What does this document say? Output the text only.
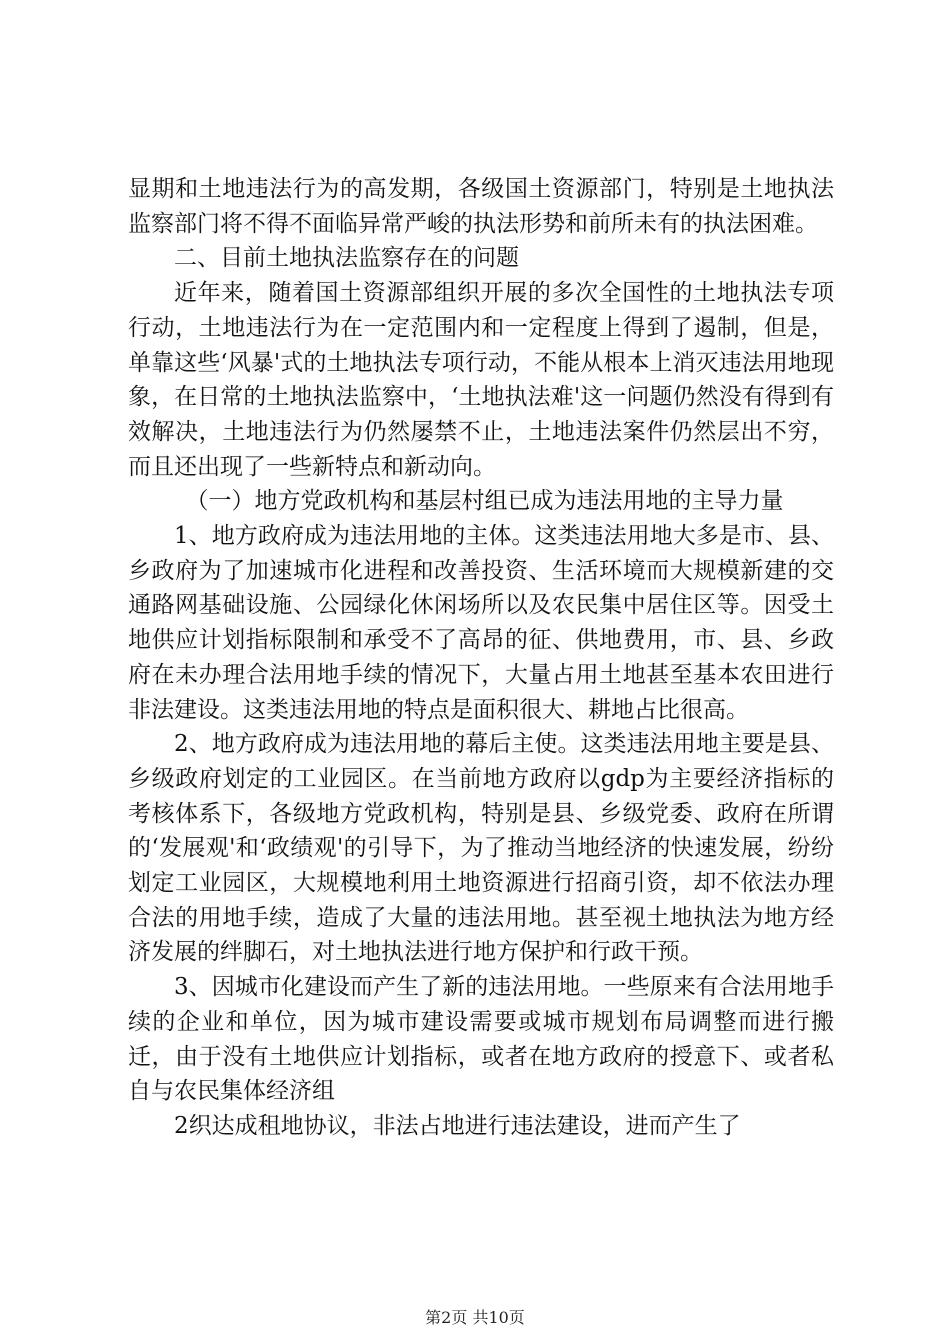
显期和土地违法行为的高发期，各级国土资源部门，特别是土地执法监察部门将不得不面临异常严峻的执法形势和前所未有的执法困难。

二、目前土地执法监察存在的问题

近年来，随着国土资源部组织开展的多次全国性的土地执法专项行动，土地违法行为在一定范围内和一定程度上得到了遏制，但是，单靠这些‘风暴'式的土地执法专项行动，不能从根本上消灭违法用地现象，在日常的土地执法监察中，‘土地执法难'这一问题仍然没有得到有效解决，土地违法行为仍然屡禁不止，土地违法案件仍然层出不穷，而且还出现了一些新特点和新动向。

（一）地方党政机构和基层村组已成为违法用地的主导力量

1、地方政府成为违法用地的主体。这类违法用地大多是市、县、乡政府为了加速城市化进程和改善投资、生活环境而大规模新建的交通路网基础设施、公园绿化休闲场所以及农民集中居住区等。因受土地供应计划指标限制和承受不了高昂的征、供地费用，市、县、乡政府在未办理合法用地手续的情况下，大量占用土地甚至基本农田进行非法建设。这类违法用地的特点是面积很大、耕地占比很高。

2、地方政府成为违法用地的幕后主使。这类违法用地主要是县、乡级政府划定的工业园区。在当前地方政府以gdp为主要经济指标的考核体系下，各级地方党政机构，特别是县、乡级党委、政府在所谓的‘发展观'和‘政绩观'的引导下，为了推动当地经济的快速发展，纷纷划定工业园区，大规模地利用土地资源进行招商引资，却不依法办理合法的用地手续，造成了大量的违法用地。甚至视土地执法为地方经济发展的绊脚石，对土地执法进行地方保护和行政干预。

3、因城市化建设而产生了新的违法用地。一些原来有合法用地手续的企业和单位，因为城市建设需要或城市规划布局调整而进行搬迁，由于没有土地供应计划指标，或者在地方政府的授意下、或者私自与农民集体经济组

2织达成租地协议，非法占地进行违法建设，进而产生了

第2页 共10页
